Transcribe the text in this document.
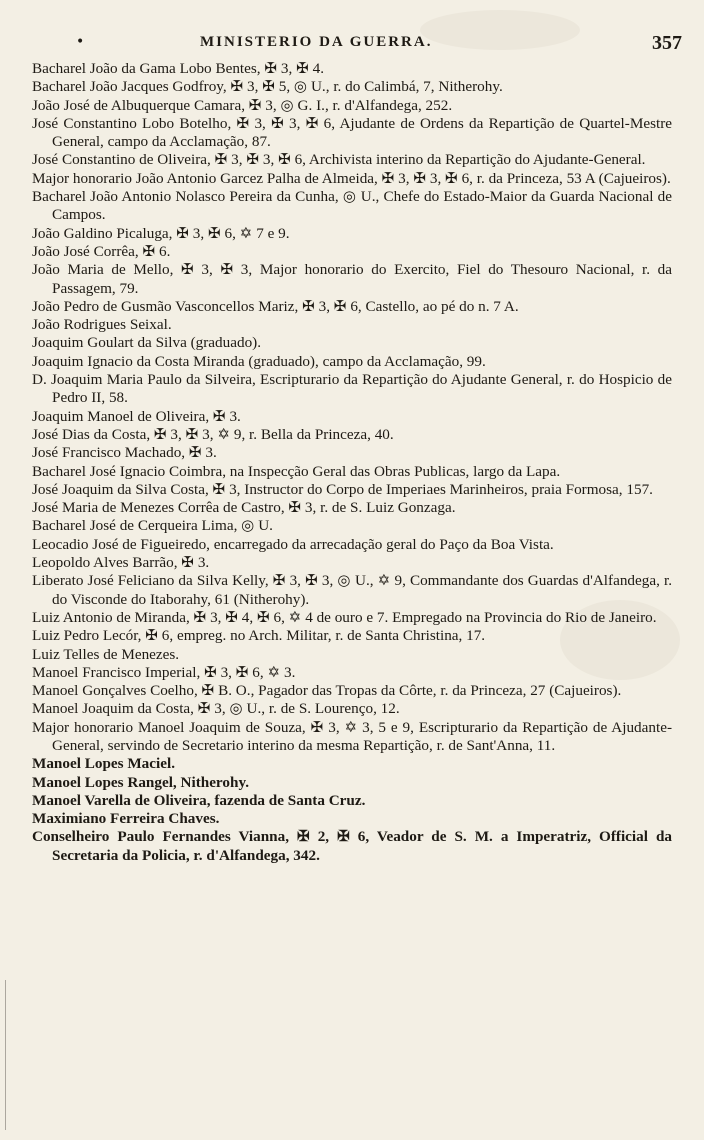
•	MINISTERIO DA GUERRA.	357
Bacharel João da Gama Lobo Bentes, ✠ 3, ✠ 4.
Bacharel João Jacques Godfroy, ✠ 3, ✠ 5, ◎ U., r. do Calimbá, 7, Nitherohy.
João José de Albuquerque Camara, ✠ 3, ◎ G. I., r. d'Alfandega, 252.
José Constantino Lobo Botelho, ✠ 3, ✠ 3, ✠ 6, Ajudante de Ordens da Repartição de Quartel-Mestre General, campo da Acclamação, 87.
José Constantino de Oliveira, ✠ 3, ✠ 3, ✠ 6, Archivista interino da Repartição do Ajudante-General.
Major honorario João Antonio Garcez Palha de Almeida, ✠ 3, ✠ 3, ✠ 6, r. da Princeza, 53 A (Cajueiros).
Bacharel João Antonio Nolasco Pereira da Cunha, ◎ U., Chefe do Estado-Maior da Guarda Nacional de Campos.
João Galdino Picaluga, ✠ 3, ✠ 6, ✡ 7 e 9.
João José Corrêa, ✠ 6.
João Maria de Mello, ✠ 3, ✠ 3, Major honorario do Exercito, Fiel do Thesouro Nacional, r. da Passagem, 79.
João Pedro de Gusmão Vasconcellos Mariz, ✠ 3, ✠ 6, Castello, ao pé do n. 7 A.
João Rodrigues Seixal.
Joaquim Goulart da Silva (graduado).
Joaquim Ignacio da Costa Miranda (graduado), campo da Acclamação, 99.
D. Joaquim Maria Paulo da Silveira, Escripturario da Repartição do Ajudante General, r. do Hospicio de Pedro II, 58.
Joaquim Manoel de Oliveira, ✠ 3.
José Dias da Costa, ✠ 3, ✠ 3, ✡ 9, r. Bella da Princeza, 40.
José Francisco Machado, ✠ 3.
Bacharel José Ignacio Coimbra, na Inspecção Geral das Obras Publicas, largo da Lapa.
José Joaquim da Silva Costa, ✠ 3, Instructor do Corpo de Imperiaes Marinheiros, praia Formosa, 157.
José Maria de Menezes Corrêa de Castro, ✠ 3, r. de S. Luiz Gonzaga.
Bacharel José de Cerqueira Lima, ◎ U.
Leocadio José de Figueiredo, encarregado da arrecadação geral do Paço da Boa Vista.
Leopoldo Alves Barrão, ✠ 3.
Liberato José Feliciano da Silva Kelly, ✠ 3, ✠ 3, ◎ U., ✡ 9, Commandante dos Guardas d'Alfandega, r. do Visconde do Itaborahy, 61 (Nitherohy).
Luiz Antonio de Miranda, ✠ 3, ✠ 4, ✠ 6, ✡ 4 de ouro e 7. Empregado na Provincia do Rio de Janeiro.
Luiz Pedro Lecór, ✠ 6, empreg. no Arch. Militar, r. de Santa Christina, 17.
Luiz Telles de Menezes.
Manoel Francisco Imperial, ✠ 3, ✠ 6, ✡ 3.
Manoel Gonçalves Coelho, ✠ B. O., Pagador das Tropas da Côrte, r. da Princeza, 27 (Cajueiros).
Manoel Joaquim da Costa, ✠ 3, ◎ U., r. de S. Lourenço, 12.
Major honorario Manoel Joaquim de Souza, ✠ 3, ✡ 3, 5 e 9, Escripturario da Repartição de Ajudante-General, servindo de Secretario interino da mesma Repartição, r. de Sant'Anna, 11.
Manoel Lopes Maciel.
Manoel Lopes Rangel, Nitherohy.
Manoel Varella de Oliveira, fazenda de Santa Cruz.
Maximiano Ferreira Chaves.
Conselheiro Paulo Fernandes Vianna, ✠ 2, ✠ 6, Veador de S. M. a Imperatriz, Official da Secretaria da Policia, r. d'Alfandega, 342.
